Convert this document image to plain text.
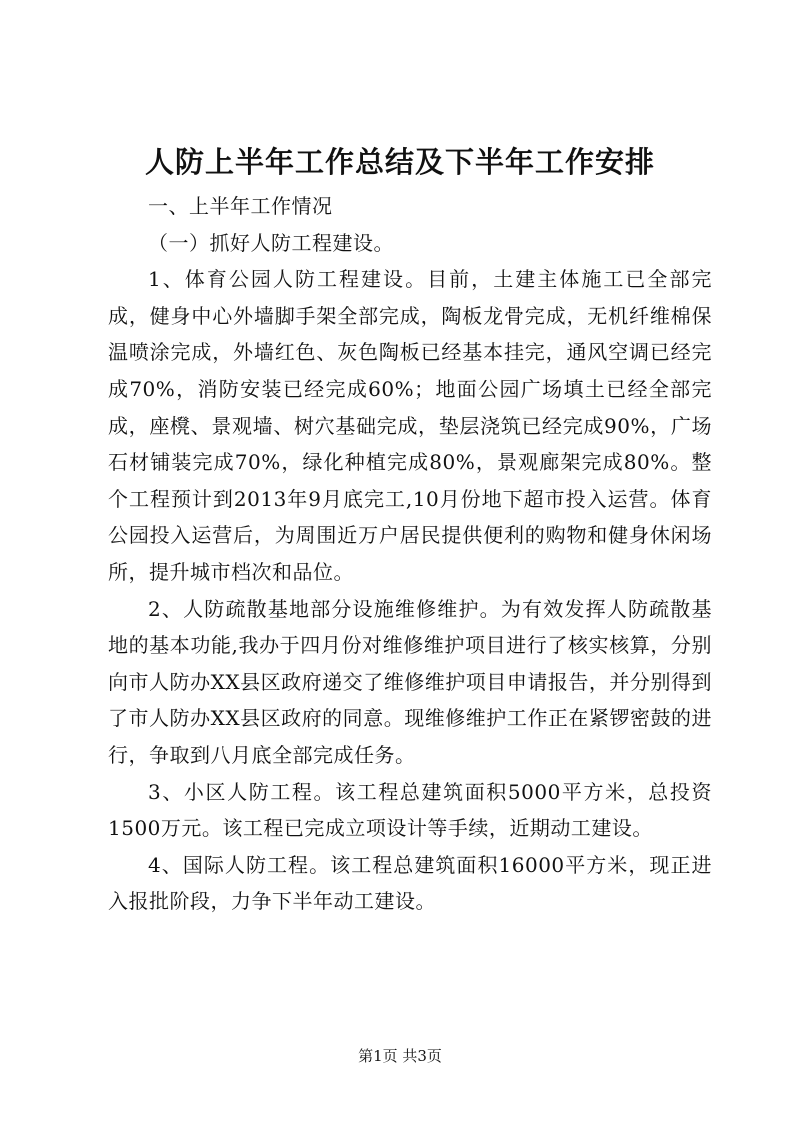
人防上半年工作总结及下半年工作安排

一、上半年工作情况

（一）抓好人防工程建设。

1、体育公园人防工程建设。目前，土建主体施工已全部完成，健身中心外墙脚手架全部完成，陶板龙骨完成，无机纤维棉保温喷涂完成，外墙红色、灰色陶板已经基本挂完，通风空调已经完成70%，消防安装已经完成60%；地面公园广场填土已经全部完成，座櫈、景观墙、树穴基础完成，垫层浇筑已经完成90%，广场石材铺装完成70%，绿化种植完成80%，景观廊架完成80%。整个工程预计到2013年9月底完工,10月份地下超市投入运营。体育公园投入运营后，为周围近万户居民提供便利的购物和健身休闲场所，提升城市档次和品位。

2、人防疏散基地部分设施维修维护。为有效发挥人防疏散基地的基本功能,我办于四月份对维修维护项目进行了核实核算，分别向市人防办XX县区政府递交了维修维护项目申请报告，并分别得到了市人防办XX县区政府的同意。现维修维护工作正在紧锣密鼓的进行，争取到八月底全部完成任务。

3、小区人防工程。该工程总建筑面积5000平方米，总投资1500万元。该工程已完成立项设计等手续，近期动工建设。

4、国际人防工程。该工程总建筑面积16000平方米，现正进入报批阶段，力争下半年动工建设。

第1页 共3页
